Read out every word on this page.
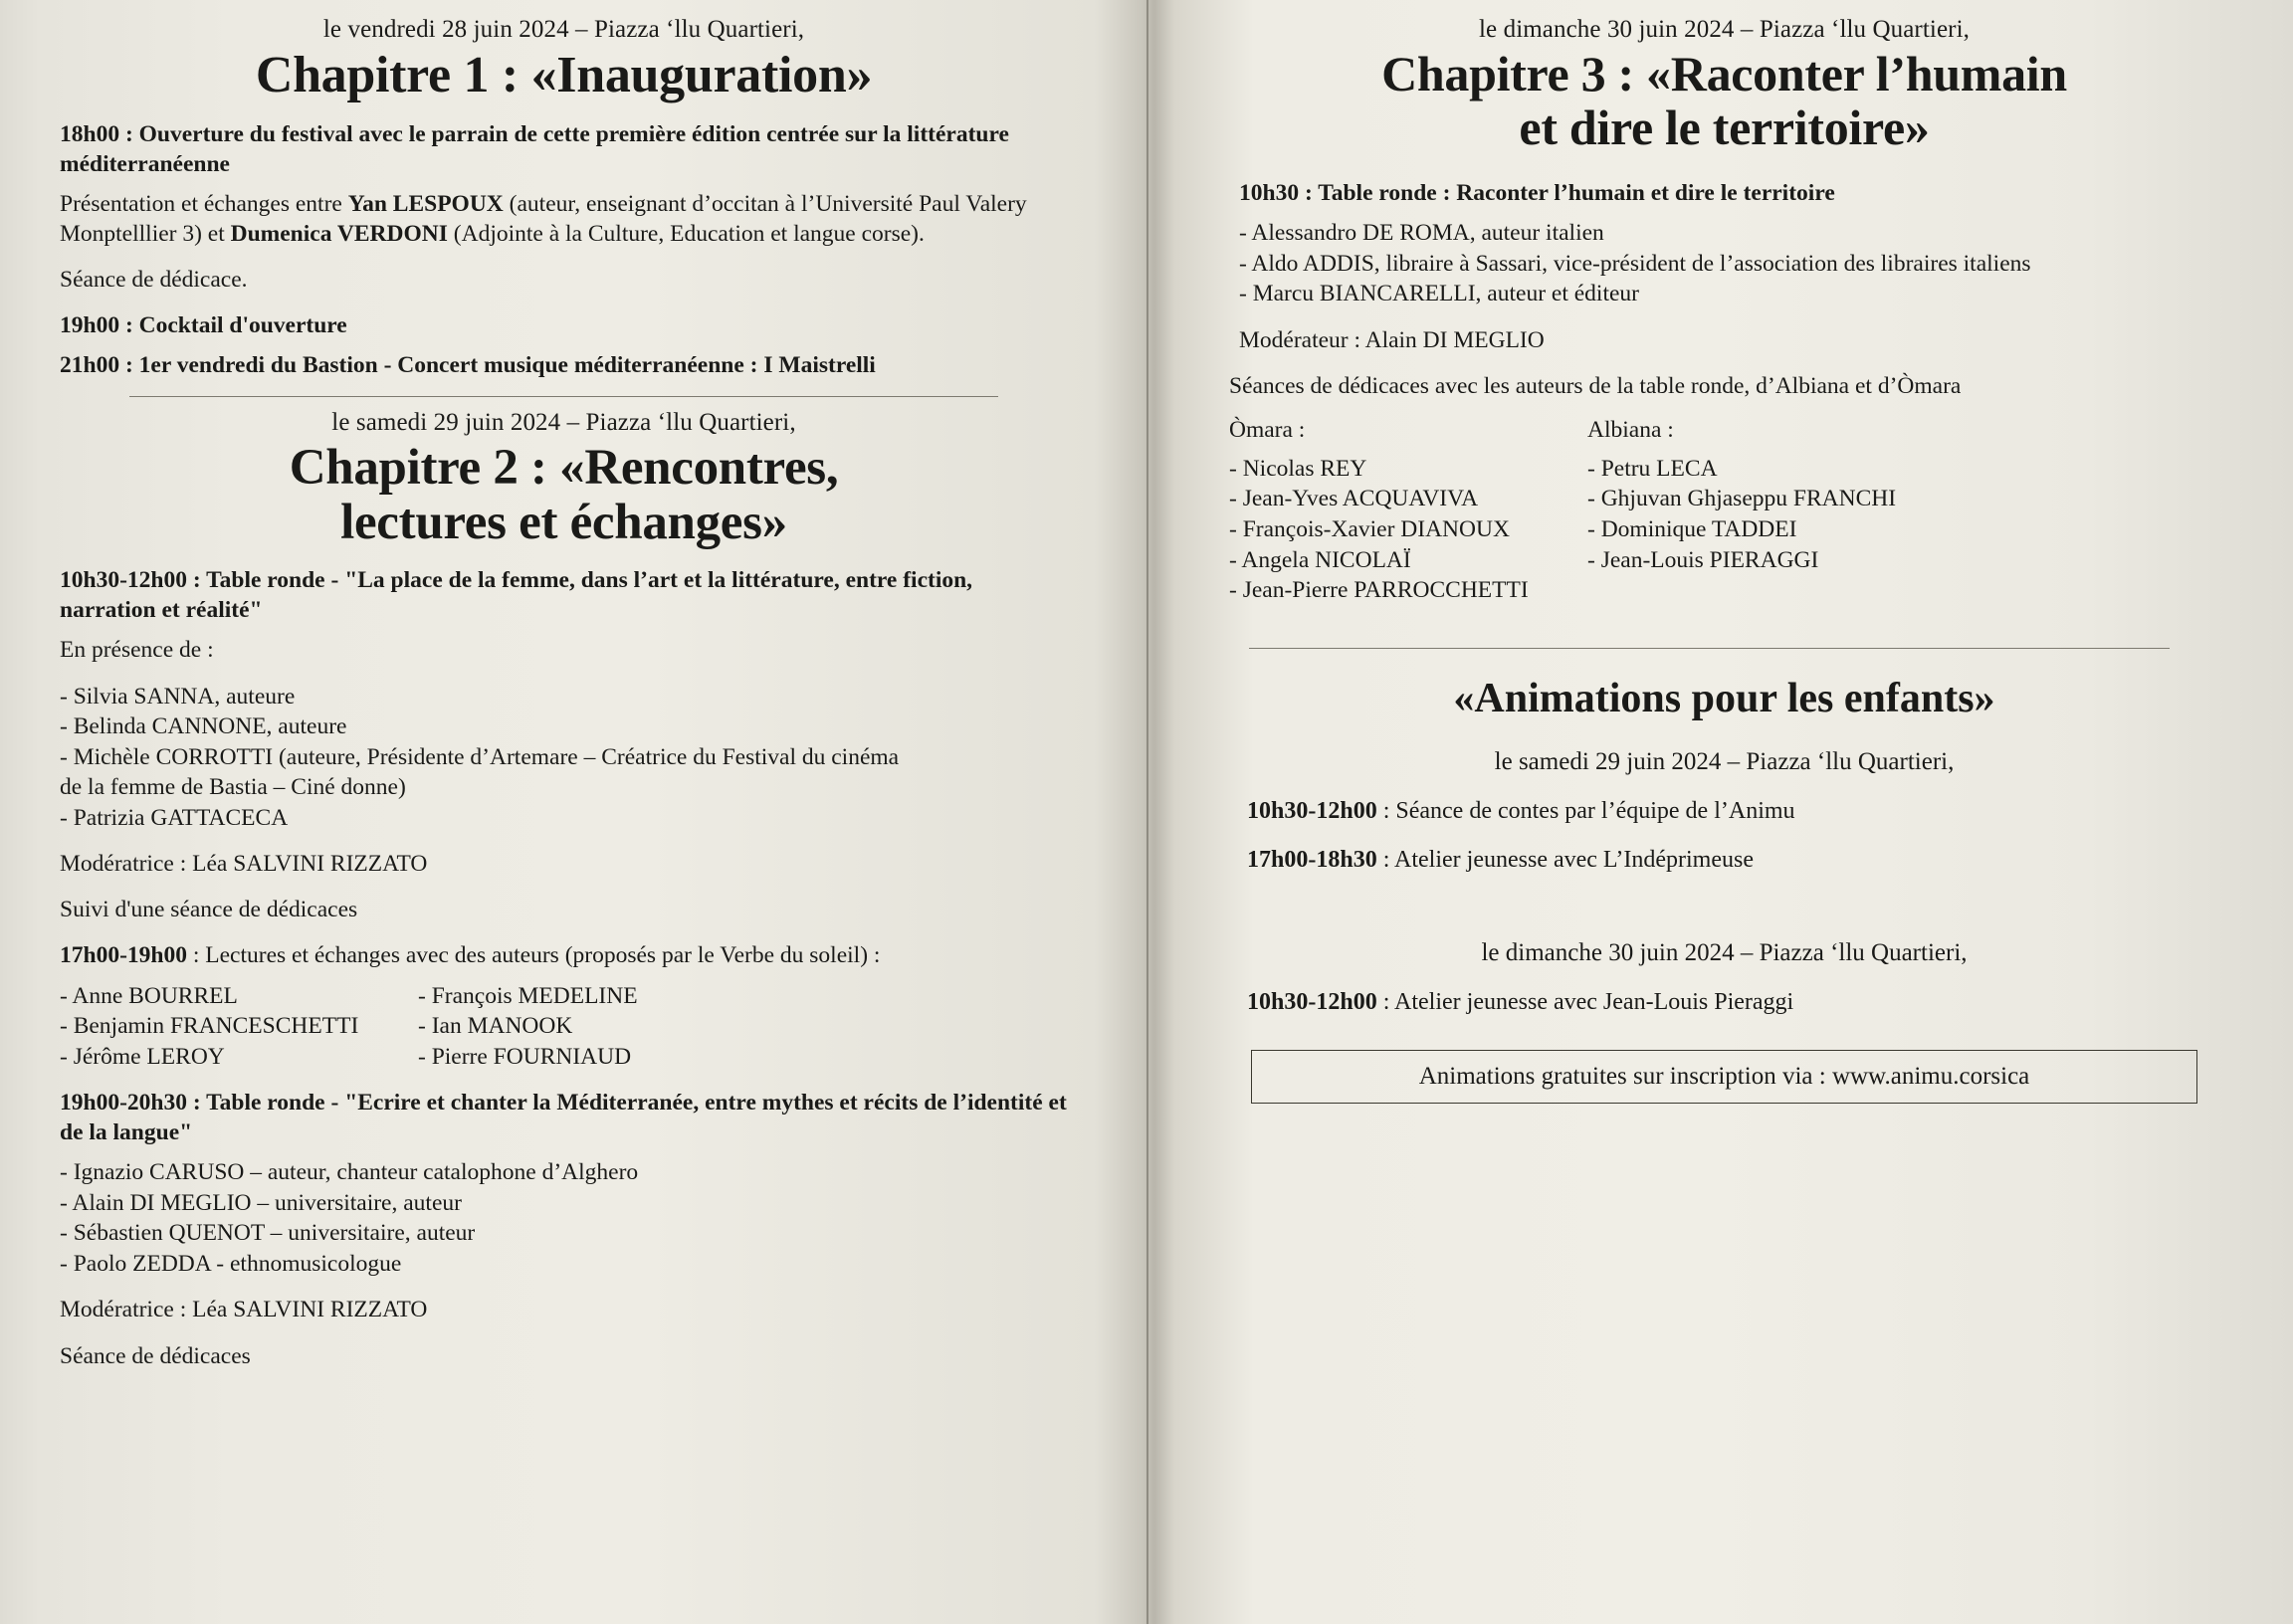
le vendredi 28 juin 2024 – Piazza ‘llu Quartieri,
Chapitre 1 : «Inauguration»

18h00 : Ouverture du festival avec le parrain de cette première édition centrée sur la littérature méditerranéenne

Présentation et échanges entre Yan LESPOUX (auteur, enseignant d’occitan à l’Université Paul Valery Monptelllier 3) et Dumenica VERDONI (Adjointe à la Culture, Education et langue corse).

Séance de dédicace.

19h00 : Cocktail d'ouverture

21h00 : 1er vendredi du Bastion - Concert musique méditerranéenne : I Maistrelli

le samedi 29 juin 2024 – Piazza ‘llu Quartieri,
Chapitre 2 : «Rencontres,
lectures et échanges»

10h30-12h00 : Table ronde - "La place de la femme, dans l’art et la littérature, entre fiction, narration et réalité"

En présence de :

- Silvia SANNA, auteure
- Belinda CANNONE, auteure
- Michèle CORROTTI (auteure, Présidente d’Artemare – Créatrice du Festival du cinéma
de la femme de Bastia – Ciné donne)
- Patrizia GATTACECA

Modératrice : Léa SALVINI RIZZATO

Suivi d'une séance de dédicaces

17h00-19h00 : Lectures et échanges avec des auteurs (proposés par le Verbe du soleil) :

- Anne BOURREL
- Benjamin FRANCESCHETTI
- Jérôme LEROY
- François MEDELINE
- Ian MANOOK
- Pierre FOURNIAUD

19h00-20h30 : Table ronde - "Ecrire et chanter la Méditerranée, entre mythes et récits de l’identité et de la langue"

- Ignazio CARUSO – auteur, chanteur catalophone d’Alghero
- Alain DI MEGLIO – universitaire, auteur
- Sébastien QUENOT – universitaire, auteur
- Paolo ZEDDA - ethnomusicologue

Modératrice : Léa SALVINI RIZZATO

Séance de dédicaces

le dimanche 30 juin 2024 – Piazza ‘llu Quartieri,
Chapitre 3 : «Raconter l’humain
et dire le territoire»

10h30 : Table ronde : Raconter l’humain et dire le territoire

- Alessandro DE ROMA, auteur italien
- Aldo ADDIS, libraire à Sassari, vice-président de l’association des libraires italiens
- Marcu BIANCARELLI, auteur et éditeur

Modérateur : Alain DI MEGLIO

Séances de dédicaces avec les auteurs de la table ronde, d’Albiana et d’Òmara

Òmara :	Albiana :
- Nicolas REY
- Jean-Yves ACQUAVIVA
- François-Xavier DIANOUX
- Angela NICOLAÏ
- Jean-Pierre PARROCCHETTI
- Petru LECA
- Ghjuvan Ghjaseppu FRANCHI
- Dominique TADDEI
- Jean-Louis PIERAGGI
«Animations pour les enfants»
le samedi 29 juin 2024 – Piazza ‘llu Quartieri,
10h30-12h00 : Séance de contes par l’équipe de l’Animu
17h00-18h30 : Atelier jeunesse avec L’Indéprimeuse
le dimanche 30 juin 2024 – Piazza ‘llu Quartieri,
10h30-12h00 : Atelier jeunesse avec Jean-Louis Pieraggi
Animations gratuites sur inscription via : www.animu.corsica
